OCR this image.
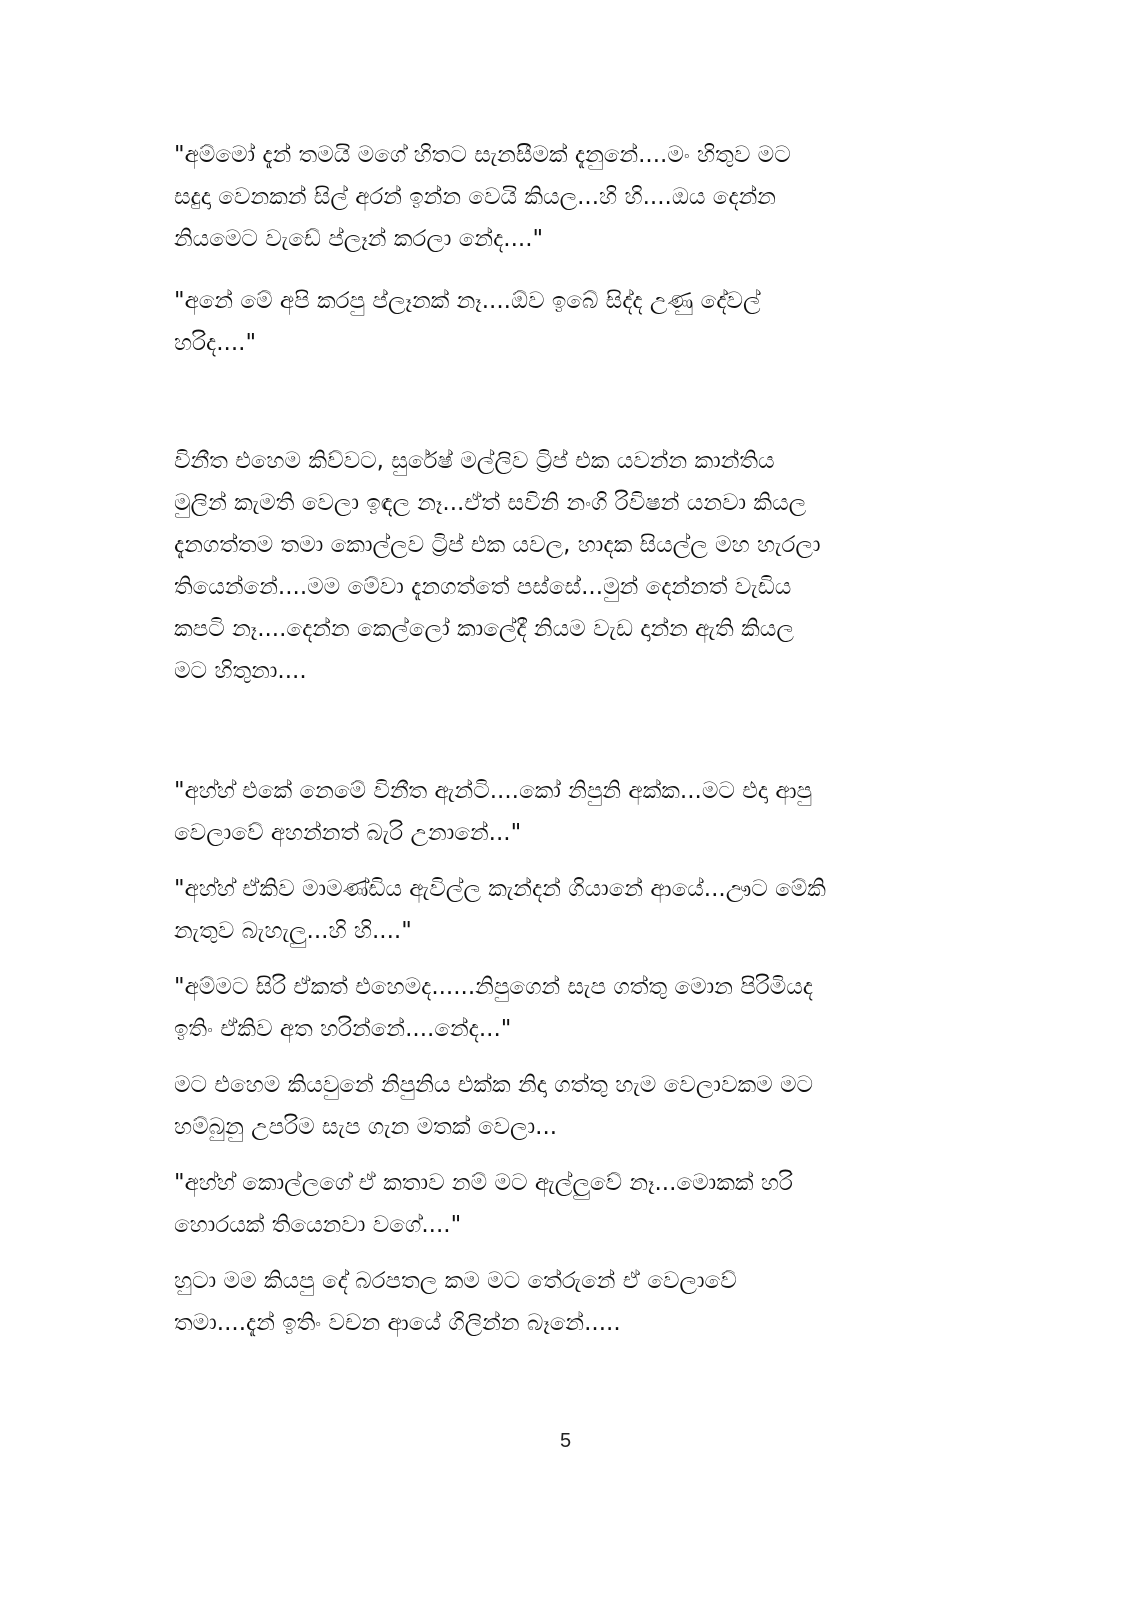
"අම්මෝ දැන් තමයි මගේ හිතට සැනසීමක් දැනුනේ....මං හිතුව මට
සදුදා වෙනකන් සිල් අරන් ඉන්න වෙයි කියල...හි හි....ඔය දෙන්න
නියමෙට වැඩේ ප්ලෑන් කරලා නේද...."
"අනේ මේ අපි කරපු ප්ලෑනක් නෑ....ඕව ඉබේ සිද්ද උණු දේවල්
හරිද...."
විනීත එහෙම කිව්වට, සුරේෂ් මල්ලිව ට්‍රිප් එක යවන්න කාන්තිය
මුලින් කැමති වෙලා ඉඳල නෑ...ඒත් සවිනි නංගි රිවිෂන් යනවා කියල
දැනගත්තම තමා කොල්ලව ට්‍රිප් එක යවල, හාදක සියල්ල මහ හැරලා
තියෙන්නේ....මම මේවා දැනගත්තේ පස්සේ...මුන් දෙන්නත් වැඩිය
කපටි නෑ....දෙන්න කෙල්ලෝ කාලේදී නියම වැඩ දාන්න ඇති කියල
මට හිතුනා....
"අහ්හ් එකේ නෙමේ විනීත ඇන්ටි....කෝ නිපුනි අක්ක...මට එදා ආපු
වෙලාවේ අහන්නත් බැරි උනානේ..."
"අහ්හ් ඒකිව මාමණ්ඩිය ඇවිල්ල කැන්දන් ගියානේ ආයේ...ඌට මේකි
නැතුව බැහැලු...හි හි...."
"අම්මට සිරි ඒකත් එහෙමද......නිපුගෙන් සැප ගත්තු මොන පිරිමියද
ඉතිං ඒකිව අත හරින්නේ....නේද..."
මට එහෙම කියවුනේ නිපුනිය එක්ක නිදා ගත්තු හැම වෙලාවකම මට
හම්බුනු උපරිම සැප ගැන මතක් වෙලා...
"අහ්හ් කොල්ලගේ ඒ කතාව නම් මට ඇල්ලුවේ නෑ...මොකක් හරි
හොරයක් තියෙනවා වගේ...."
හුටා මම කියපු දේ බරපතල කම මට තේරුනේ ඒ වෙලාවේ
තමා....දැන් ඉතිං වචන ආයේ ගිලින්න බෑනේ.....
5
